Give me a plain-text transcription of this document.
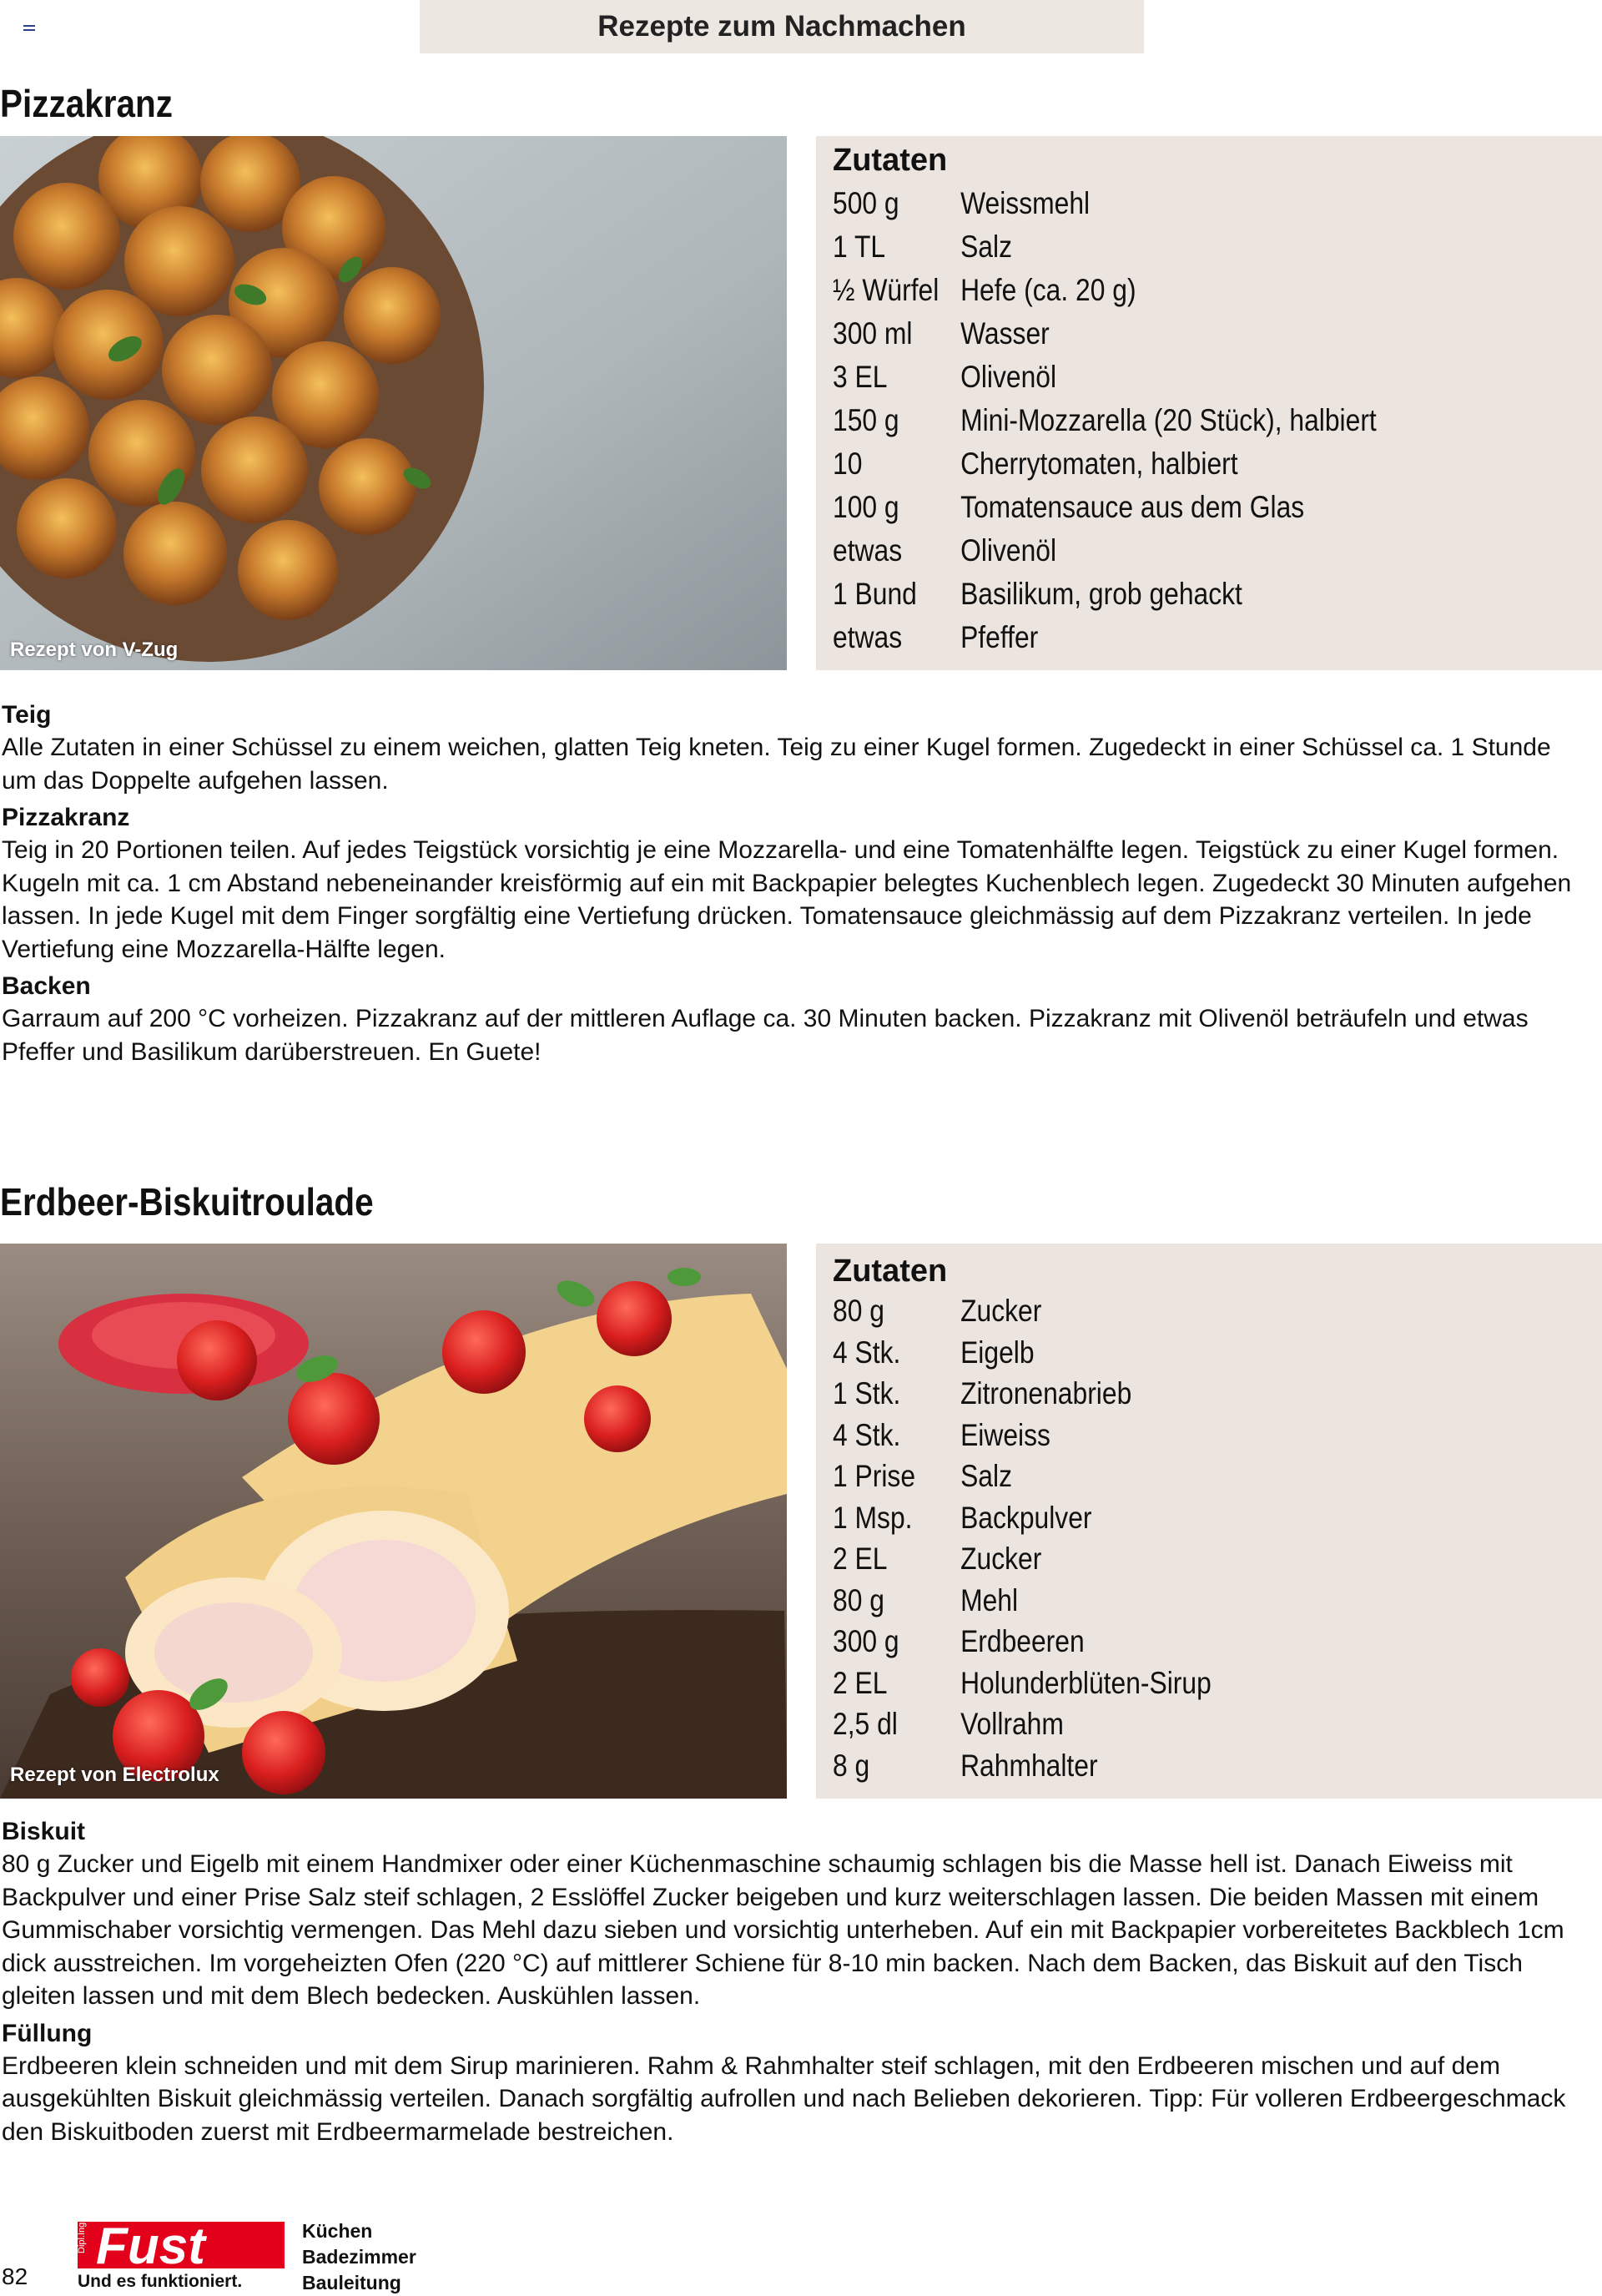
Rezepte zum Nachmachen
Pizzakranz
Rezept von V-Zug
Zutaten
500 g Weissmehl
1 TL Salz
½ Würfel Hefe (ca. 20 g)
300 ml Wasser
3 EL Olivenöl
150 g Mini-Mozzarella (20 Stück), halbiert
10	Cherrytomaten, halbiert
100 g Tomatensauce aus dem Glas
etwas Olivenöl
1 Bund Basilikum, grob gehackt
etwas Pfeffer
Teig

Alle Zutaten in einer Schüssel zu einem weichen, glatten Teig kneten. Teig zu einer Kugel formen. Zugedeckt in einer Schüssel ca. 1 Stunde um das Doppelte aufgehen lassen.

Pizzakranz

Teig in 20 Portionen teilen. Auf jedes Teigstück vorsichtig je eine Mozzarella- und eine Tomatenhälfte legen. Teigstück zu einer Kugel formen. Kugeln mit ca. 1 cm Abstand nebeneinander kreisförmig auf ein mit Backpapier belegtes Kuchenblech legen. Zugedeckt 30 Minuten aufgehen lassen. In jede Kugel mit dem Finger sorgfältig eine Vertiefung drücken. Tomatensauce gleichmässig auf dem Pizzakranz verteilen. In jede Vertiefung eine Mozzarella-Hälfte legen.

Backen

Garraum auf 200 °C vorheizen. Pizzakranz auf der mittleren Auflage ca. 30 Minuten backen. Pizzakranz mit Olivenöl beträufeln und etwas Pfeffer und Basilikum darüberstreuen. En Guete!

Erdbeer-Biskuitroulade
Rezept von Electrolux
Zutaten
80 g Zucker
4 Stk. Eigelb
1 Stk. Zitronenabrieb
4 Stk. Eiweiss
1 Prise Salz
1 Msp. Backpulver
2 EL Zucker
80 g Mehl
300 g Erdbeeren
2 EL Holunderblüten-Sirup
2,5 dl Vollrahm
8 g	Rahmhalter
Biskuit

80 g Zucker und Eigelb mit einem Handmixer oder einer Küchenmaschine schaumig schlagen bis die Masse hell ist. Danach Eiweiss mit Backpulver und einer Prise Salz steif schlagen, 2 Esslöffel Zucker beigeben und kurz weiterschlagen lassen. Die beiden Massen mit einem Gummischaber vorsichtig vermengen. Das Mehl dazu sieben und vorsichtig unterheben. Auf ein mit Backpapier vorbereitetes Backblech 1cm dick ausstreichen. Im vorgeheizten Ofen (220 °C) auf mittlerer Schiene für 8-10 min backen. Nach dem Backen, das Biskuit auf den Tisch gleiten lassen und mit dem Blech bedecken. Auskühlen lassen.

Füllung

Erdbeeren klein schneiden und mit dem Sirup marinieren. Rahm & Rahmhalter steif schlagen, mit den Erdbeeren mischen und auf dem ausgekühlten Biskuit gleichmässig verteilen. Danach sorgfältig aufrollen und nach Belieben dekorieren. Tipp: Für volleren Erdbeergeschmack den Biskuitboden zuerst mit Erdbeermarmelade bestreichen.

82
Dipl.Ing. Fust
Und es funktioniert.
Küchen
Badezimmer
Bauleitung
